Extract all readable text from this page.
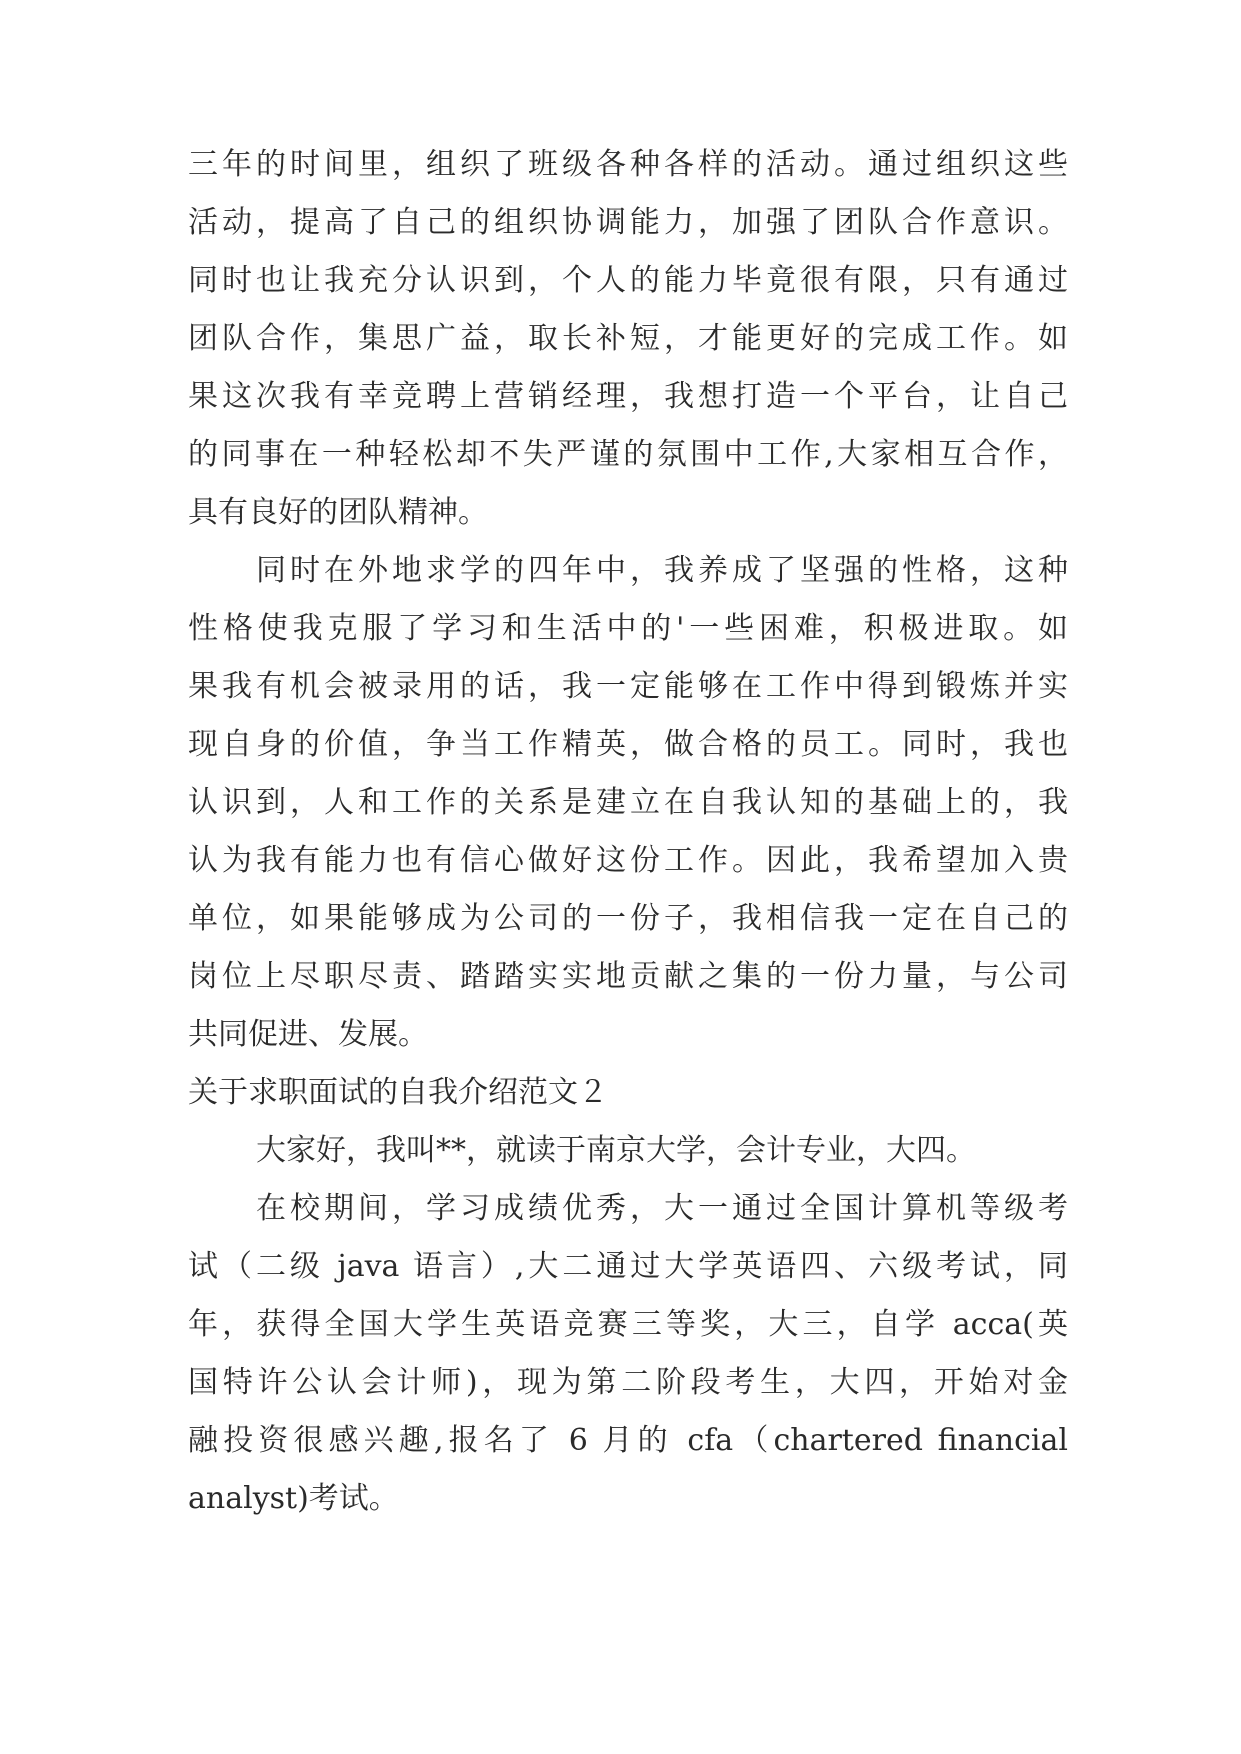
三年的时间里，组织了班级各种各样的活动。通过组织这些
活动，提高了自己的组织协调能力，加强了团队合作意识。
同时也让我充分认识到，个人的能力毕竟很有限，只有通过
团队合作，集思广益，取长补短，才能更好的完成工作。如
果这次我有幸竞聘上营销经理，我想打造一个平台，让自己
的同事在一种轻松却不失严谨的氛围中工作,大家相互合作，
具有良好的团队精神。
同时在外地求学的四年中，我养成了坚强的性格，这种
性格使我克服了学习和生活中的'一些困难，积极进取。如
果我有机会被录用的话，我一定能够在工作中得到锻炼并实
现自身的价值，争当工作精英，做合格的员工。同时，我也
认识到，人和工作的关系是建立在自我认知的基础上的，我
认为我有能力也有信心做好这份工作。因此，我希望加入贵
单位，如果能够成为公司的一份子，我相信我一定在自己的
岗位上尽职尽责、踏踏实实地贡献之集的一份力量，与公司
共同促进、发展。
关于求职面试的自我介绍范文２
大家好，我叫**，就读于南京大学，会计专业，大四。
在校期间，学习成绩优秀，大一通过全国计算机等级考
试（二级 java 语言）,大二通过大学英语四、六级考试，同
年，获得全国大学生英语竞赛三等奖，大三，自学 acca(英
国特许公认会计师)，现为第二阶段考生，大四，开始对金
融投资很感兴趣,报名了 6 月的 cfa（chartered financial
analyst)考试。
